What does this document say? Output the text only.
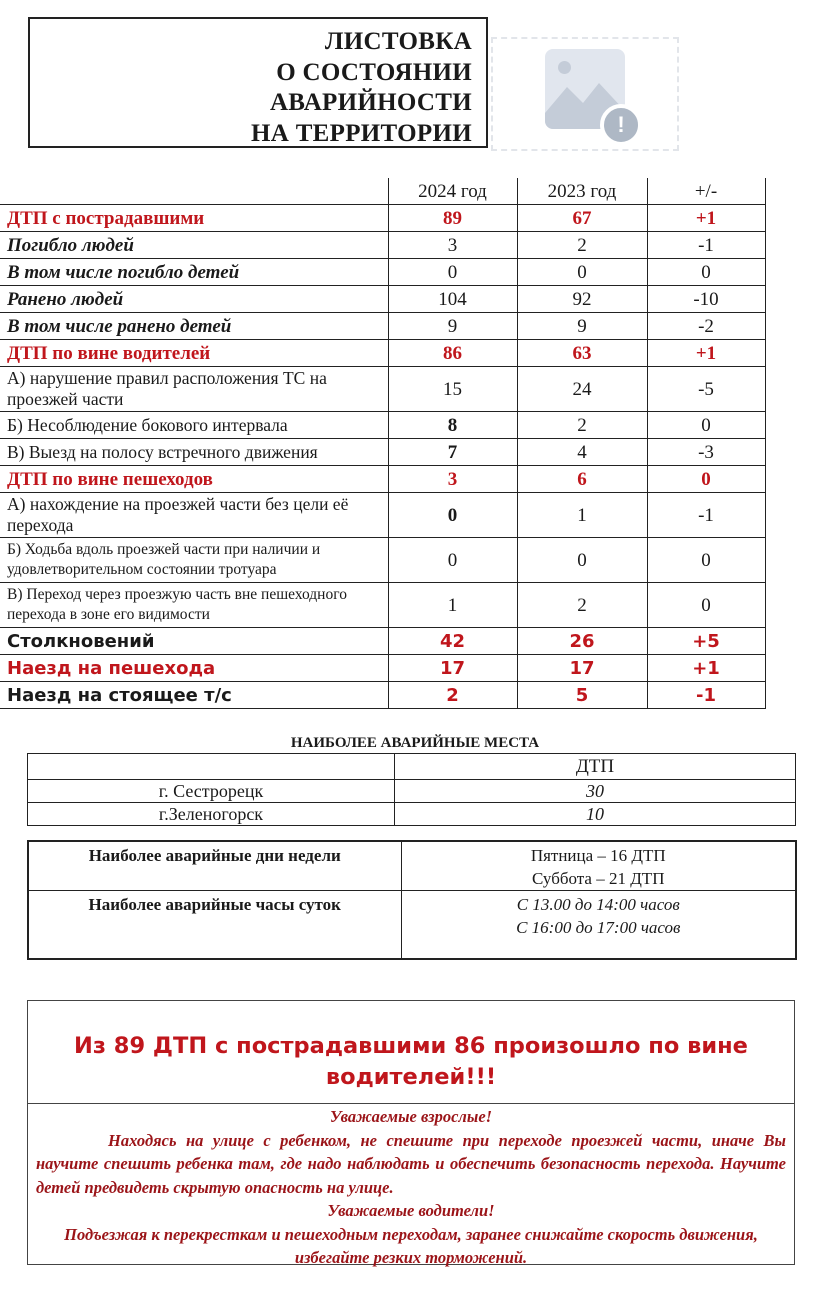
ЛИСТОВКА
О СОСТОЯНИИ
АВАРИЙНОСТИ
НА ТЕРРИТОРИИ	!
	2024 год	2023 год	+/-
ДТП с пострадавшими	89	67	+1
Погибло людей	3	2	-1
В том числе погибло детей	0	0	0
Ранено людей	104	92	-10
В том числе ранено детей	9	9	-2
ДТП по вине водителей	86	63	+1
А) нарушение правил расположения ТС на проезжей части	15	24	-5
Б) Несоблюдение бокового интервала	8	2	0
В) Выезд на полосу встречного движения	7	4	-3
ДТП по вине пешеходов	3	6	0
А) нахождение на проезжей части без цели её перехода	0	1	-1
Б) Ходьба вдоль проезжей части при наличии и удовлетворительном состоянии тротуара	0	0	0
В) Переход через проезжую часть вне пешеходного перехода в зоне его видимости	1	2	0
Столкновений	42	26	+5
Наезд на пешехода	17	17	+1
Наезд на стоящее т/с	2	5	-1
НАИБОЛЕЕ АВАРИЙНЫЕ МЕСТА
	ДТП
г. Сестрорецк	30
г.Зеленогорск	10
Наиболее аварийные дни недели	Пятница – 16 ДТП
Суббота – 21 ДТП

Наиболее аварийные часы суток	С 13.00 до 14:00 часов
С 16:00 до 17:00 часов
Из 89 ДТП с пострадавшими 86 произошло по вине водителей!!!
Уважаемые взрослые!
Находясь на улице с ребенком, не спешите при переходе проезжей части, иначе Вы научите спешить ребенка там, где надо наблюдать и обеспечить безопасность перехода. Научите детей предвидеть скрытую опасность на улице.
Уважаемые водители!
Подъезжая к перекресткам и пешеходным переходам, заранее снижайте скорость движения, избегайте резких торможений.
